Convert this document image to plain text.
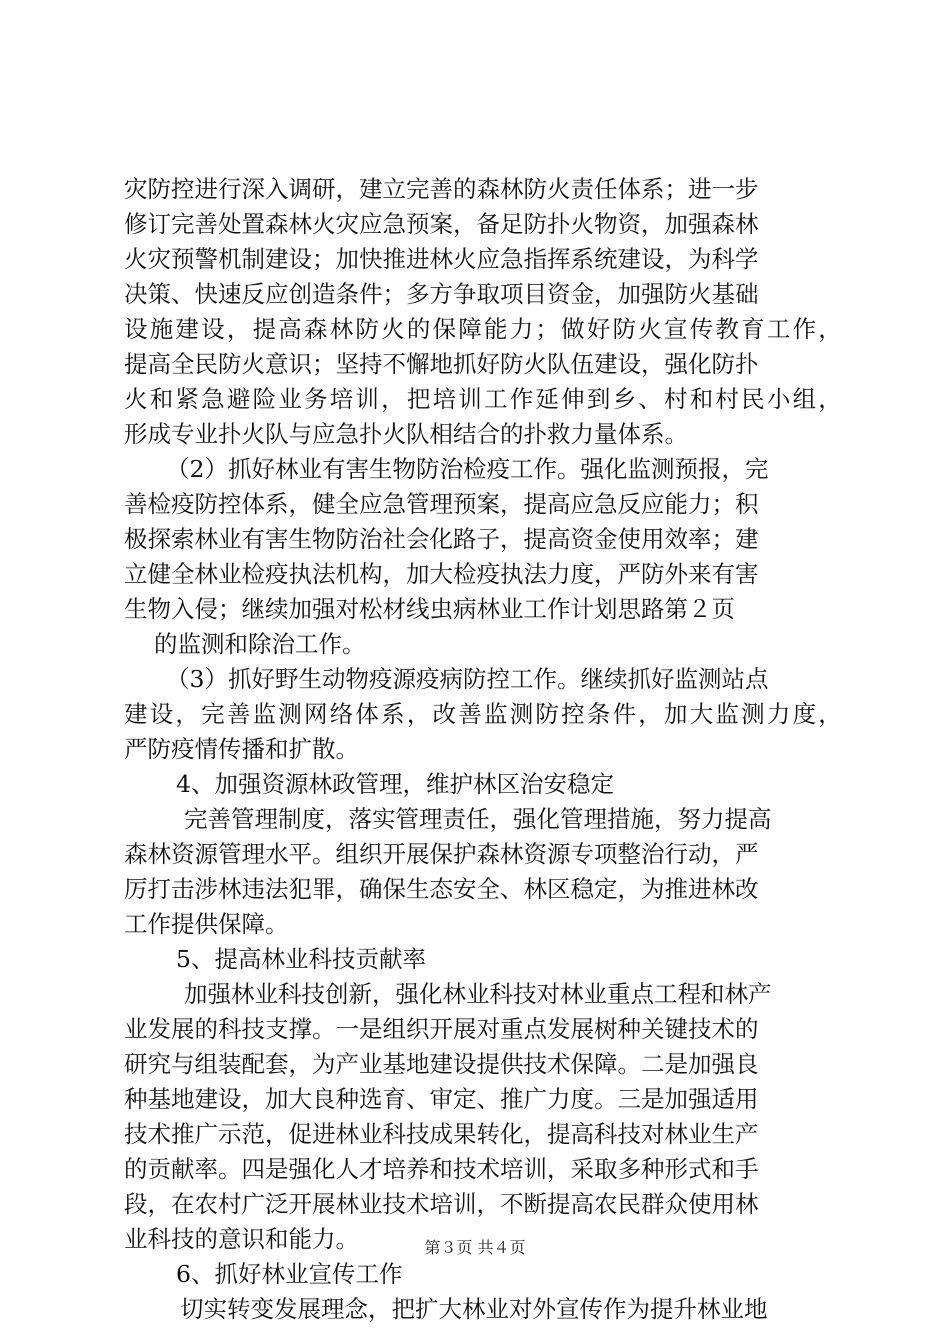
灾防控进行深入调研，建立完善的森林防火责任体系；进一步
修订完善处置森林火灾应急预案，备足防扑火物资，加强森林
火灾预警机制建设；加快推进林火应急指挥系统建设，为科学
决策、快速反应创造条件；多方争取项目资金，加强防火基础
设施建设，提高森林防火的保障能力；做好防火宣传教育工作，
提高全民防火意识；坚持不懈地抓好防火队伍建设，强化防扑
火和紧急避险业务培训，把培训工作延伸到乡、村和村民小组，
形成专业扑火队与应急扑火队相结合的扑救力量体系。
（2）抓好林业有害生物防治检疫工作。强化监测预报，完
善检疫防控体系，健全应急管理预案，提高应急反应能力；积
极探索林业有害生物防治社会化路子，提高资金使用效率；建
立健全林业检疫执法机构，加大检疫执法力度，严防外来有害
生物入侵；继续加强对松材线虫病林业工作计划思路第２页
的监测和除治工作。
（3）抓好野生动物疫源疫病防控工作。继续抓好监测站点
建设，完善监测网络体系，改善监测防控条件，加大监测力度，
严防疫情传播和扩散。
4、加强资源林政管理，维护林区治安稳定
完善管理制度，落实管理责任，强化管理措施，努力提高
森林资源管理水平。组织开展保护森林资源专项整治行动，严
厉打击涉林违法犯罪，确保生态安全、林区稳定，为推进林改
工作提供保障。
5、提高林业科技贡献率
加强林业科技创新，强化林业科技对林业重点工程和林产
业发展的科技支撑。一是组织开展对重点发展树种关键技术的
研究与组装配套，为产业基地建设提供技术保障。二是加强良
种基地建设，加大良种选育、审定、推广力度。三是加强适用
技术推广示范，促进林业科技成果转化，提高科技对林业生产
的贡献率。四是强化人才培养和技术培训，采取多种形式和手
段，在农村广泛开展林业技术培训，不断提高农民群众使用林
业科技的意识和能力。
6、抓好林业宣传工作
切实转变发展理念，把扩大林业对外宣传作为提升林业地
第３页 共４页
